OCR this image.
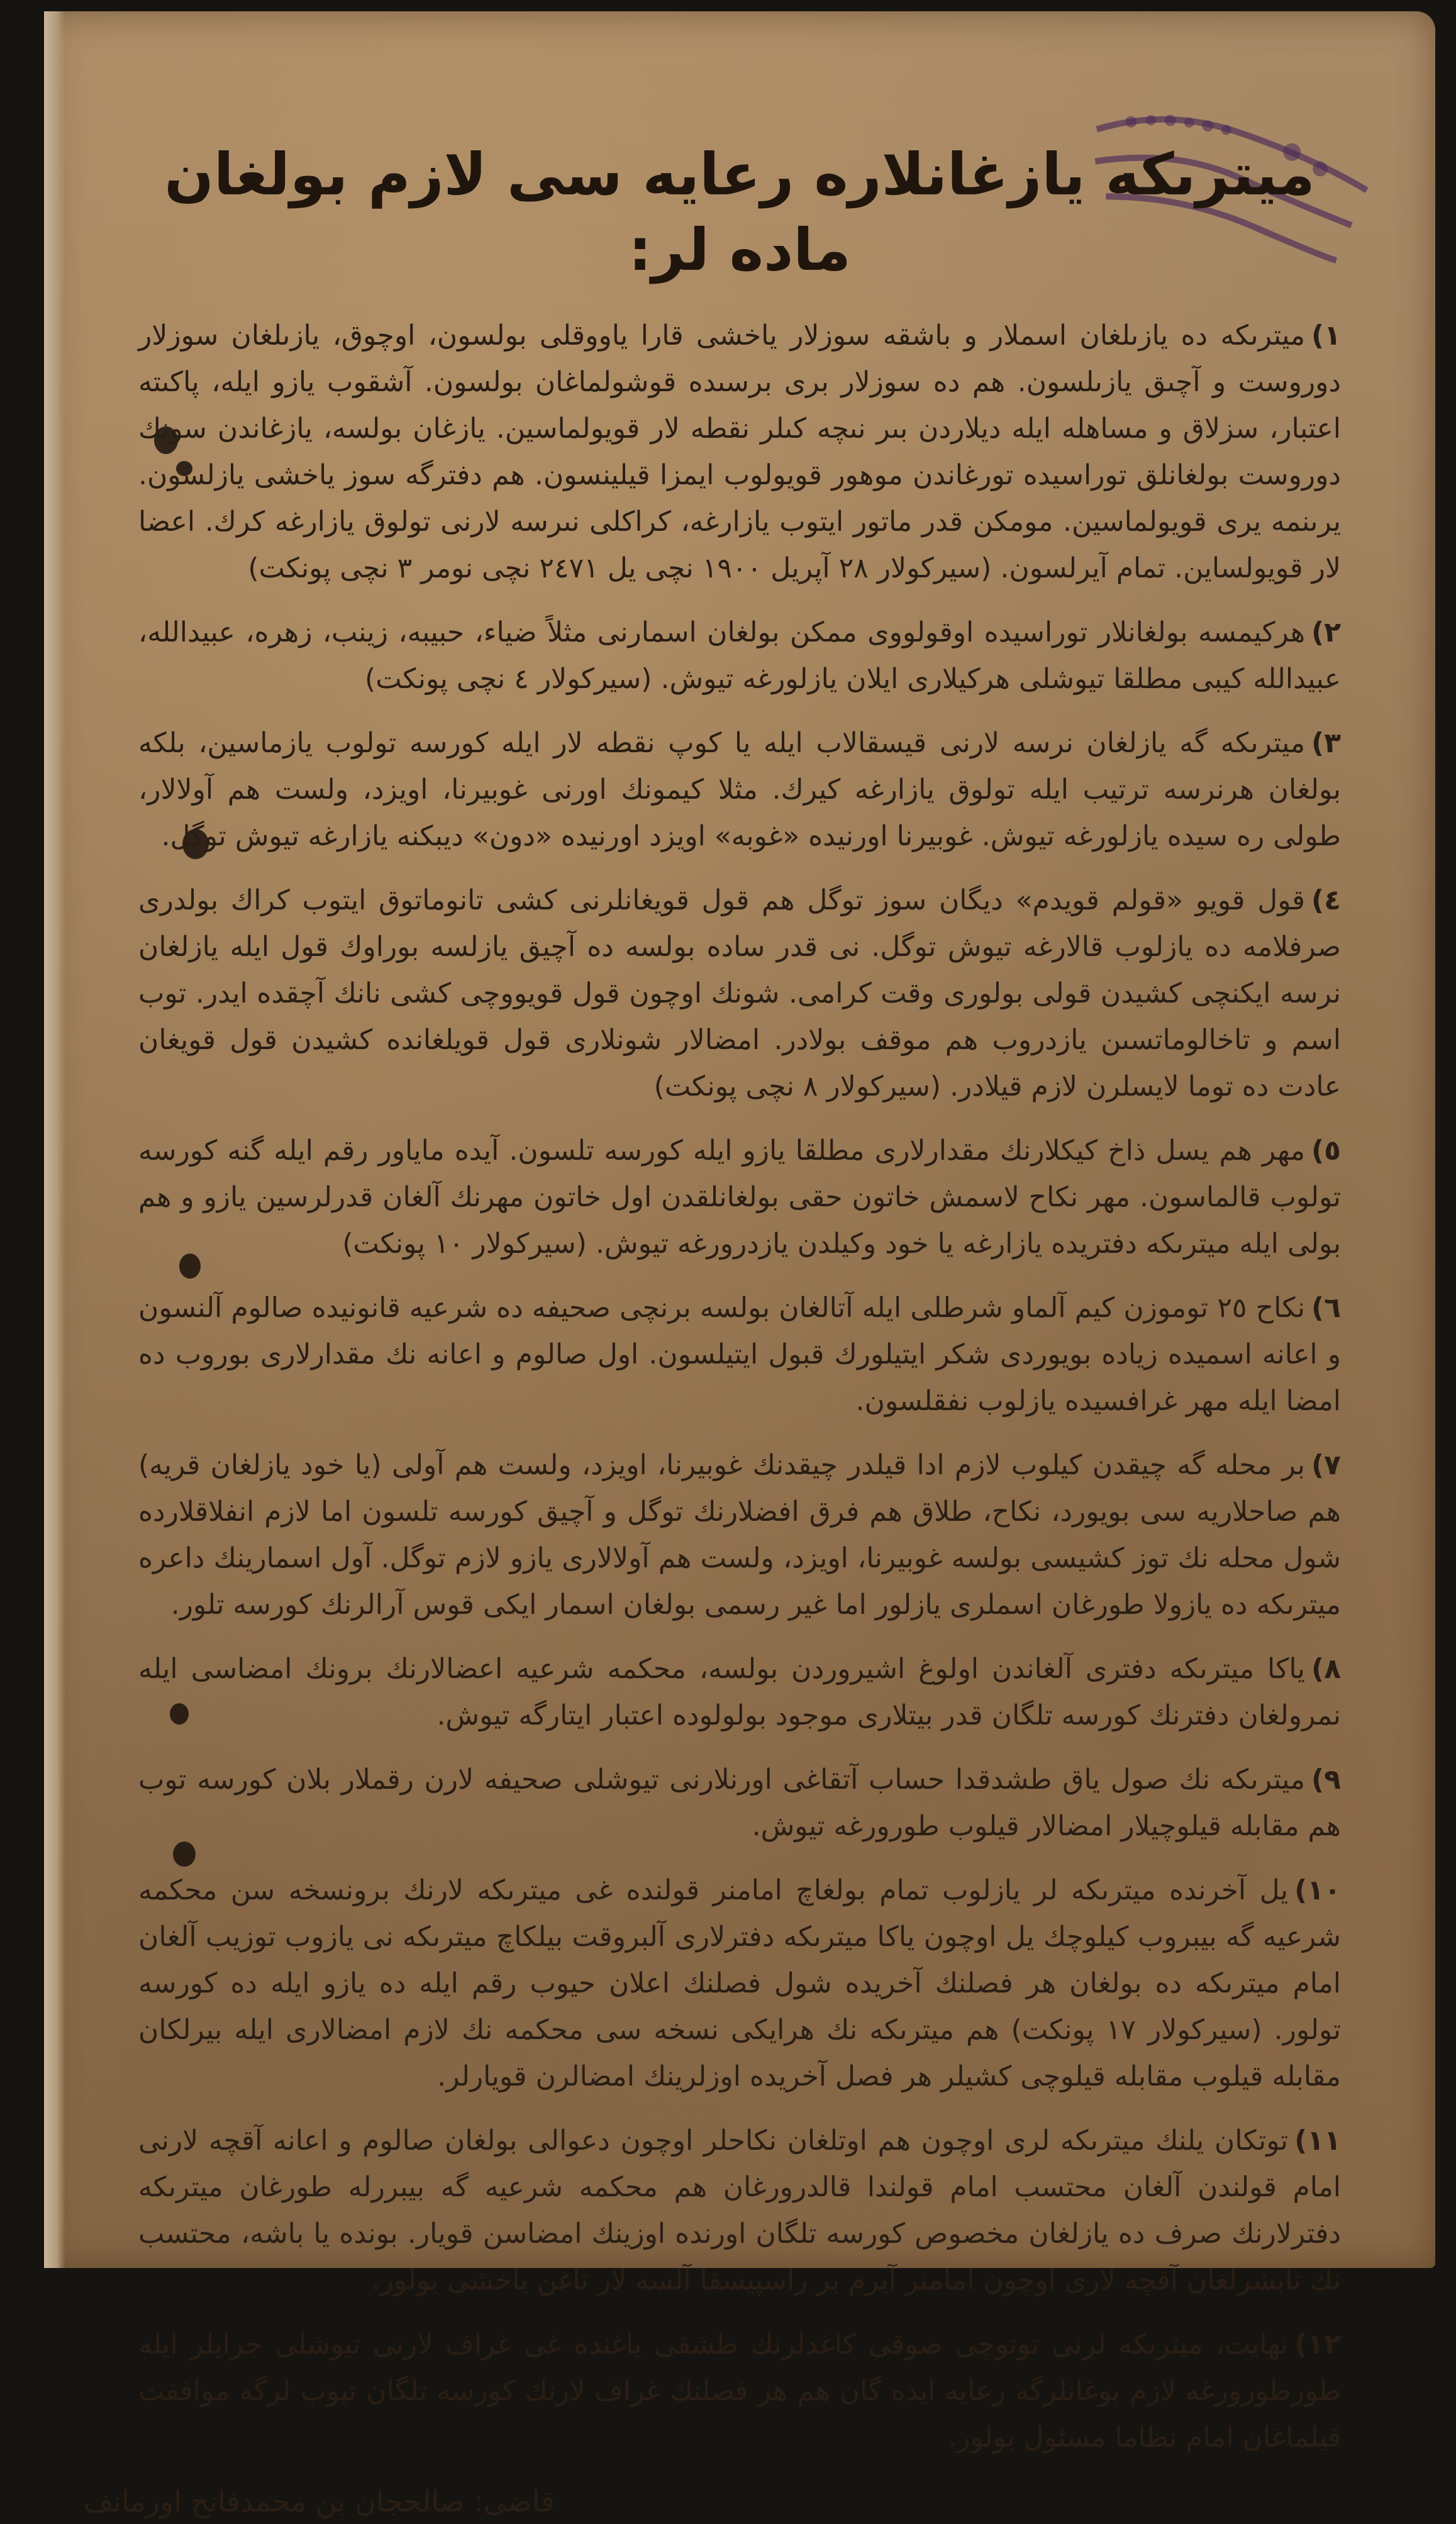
میترىكه يازغانلاره رعايه سى لازم بولغان ماده لر:

١)میترىكه ده يازىلغان اسملار و باشقه سوزلار ياخشى قارا ياووقلى بولسون، اوچوق، يازىلغان سوزلار دوروست و آچىق يازىلسون. هم ده سوزلار برى برسىده قوشولماغان بولسون. آشقوب يازو ايله، پاكىته اعتبار، سزلاق و مساهله ايله ديلاردن بىر نىچه كىلر نقطه لار قويولماسين. يازغان بولسه، يازغاندن سونك دوروست بولغانلق توراسيده تورغاندن موهور قويولوب ايمزا قيلينسون. هم دفترگه سوز ياخشى يازلسون. يرىنمه يرى قويولماسين. مومكن قدر ماتور ايتوب يازارغه، كراكلى نىرسه لارنى تولوق يازارغه كرك. اعضا لار قويولساين. تمام آيرلسون. (سيركولار ٢٨ آپريل ١٩٠٠ نچى يل ٢٤٧١ نچى نومر ٣ نچى پونكت)

٢)هركيمسه بولغانلار توراسيده اوقولووى ممكن بولغان اسمارنى مثلاً ضياء، حبيبه، زينب، زهره، عبيدالله، عبيدالله كيبى مطلقا تيوشلى هركيلارى ايلان يازلورغه تيوش. (سيركولار ٤ نچى پونكت)

٣)میترىكه گه يازلغان نرسه لارنى قيسقالاب ايله يا كوپ نقطه لار ايله كورسه تولوب يازماسين، بلكه بولغان هرنرسه ترتيب ايله تولوق يازارغه كيرك. مثلا كيمونك اورنى غوبيرنا، اويزد، ولست هم آولالار، طولى ره سيده يازلورغه تيوش. غوبيرنا اورنيده «غوبه» اويزد اورنيده «دون» ديبكنه يازارغه تيوش توگل.

٤)قول قويو «قولم قويدم» ديگان سوز توگل هم قول قويغانلرنى كشى تانوماتوق ايتوب كراك بولدرى صرفلامه ده يازلوب قالارغه تيوش توگل. نى قدر ساده بولسه ده آچيق يازلسه بوراوك قول ايله يازلغان نرسه ايكنچى كشيدن قولى بولورى وقت كرامى. شونك اوچون قول قويووچى كشى نانك آچقده ايدر. توب اسم و تاخالوماتسىن يازدروب هم موقف بولادر. امضالار شونلارى قول قويلغانده كشيدن قول قويغان عادت ده توما لايسلرن لازم قيلادر. (سيركولار ٨ نچى پونكت)

٥)مهر هم يسل ذاخ كيكلارنك مقدارلارى مطلقا يازو ايله كورسه تلسون. آيده ماياور رقم ايله گنه كورسه تولوب قالماسون. مهر نكاح لاسمش خاتون حقى بولغانلقدن اول خاتون مهرنك آلغان قدرلرسين يازو و هم بولى ايله میترىكه دفتريده يازارغه يا خود وكيلدن يازدرورغه تيوش. (سيركولار ١٠ پونكت)

٦)نكاح ٢٥ توموزن كيم آلماو شرطلى ايله آتالغان بولسه برنچى صحيفه ده شرعيه قانونيده صالوم آلنسون و اعانه اسميده زياده بويوردى شكر ايتيلورك قبول ايتيلسون. اول صالوم و اعانه نك مقدارلارى بوروب ده امضا ايله مهر غرافسيده يازلوب نفقلسون.

٧)بر محله گه چيقدن كيلوب لازم ادا قيلدر چيقدنك غوبيرنا، اويزد، ولست هم آولى (يا خود يازلغان قريه) هم صاحلاريه سى بويورد، نكاح، طلاق هم فرق افضلارنك توگل و آچيق كورسه تلسون اما لازم انفلاقلارده شول محله نك توز كشيسى بولسه غوبيرنا، اويزد، ولست هم آولالارى يازو لازم توگل. آول اسمارينك داعره ميترىكه ده يازولا طورغان اسملرى يازلور اما غير رسمى بولغان اسمار ايكى قوس آرالرنك كورسه تلور.

٨)ياكا ميترىكه دفترى آلغاندن اولوغ اشيروردن بولسه، محكمه شرعيه اعضالارنك برونك امضاسى ايله نمرولغان دفترنك كورسه تلگان قدر بيتلارى موجود بولولوده اعتبار ايتارگه تيوش.

٩)ميترىكه نك صول ياق طشدقدا حساب آتقاغى اورنلارنى تيوشلى صحيفه لارن رقملار بلان كورسه توب هم مقابله قيلوچيلار امضالار قيلوب طورورغه تيوش.

١٠)يل آخرنده ميترىكه لر يازلوب تمام بولغاچ امامنر قولنده غى ميترىكه لارنك برونسخه سن محكمه شرعيه گه بيبروب كيلوچك يل اوچون ياكا ميترىكه دفترلارى آلبروقت بيلكاچ ميترىكه نى يازوب توزيب آلغان امام ميترىكه ده بولغان هر فصلنك آخريده شول فصلنك اعلان حيوب رقم ايله ده يازو ايله ده كورسه تولور. (سيركولار ١٧ پونكت) هم ميترىكه نك هرايكى نسخه سى محكمه نك لازم امضالارى ايله بيرلكان مقابله قيلوب مقابله قيلوچى كشيلر هر فصل آخريده اوزلرينك امضالرن قويارلر.

١١)توتكان يلنك ميترىكه لرى اوچون هم اوتلغان نكاحلر اوچون دعوالى بولغان صالوم و اعانه آقچه لارنى امام قولندن آلغان محتسب امام قولندا قالدرورغان هم محكمه شرعيه گه بيبررله طورغان ميترىكه دفترلارنك صرف ده يازلغان مخصوص كورسه تلگان اورنده اوزينك امضاسن قويار. بونده يا باشه، محتسب نك تابشرلغان آقچه لارى اوچون امامنر آيرم بر راسپيسقا آلسه لار تاغن ياخشى بولور.

١٢)نهايت، ميترىكه لرنى توتوچى صوقى كاغدلرنك طشقى ياغنده غى غراف لارنى تيوشلى جرايلر ايله طورطورورغه لازم بوغانلرگه رعايه ايده گان هم هر فصلنك غراف لارنك كورسه تلگان تيوب لرگه موافقت قيلماغان امام نظاما مسئول بولور.

قاضى: صالحجان بن محمدفاتح اورمانف
